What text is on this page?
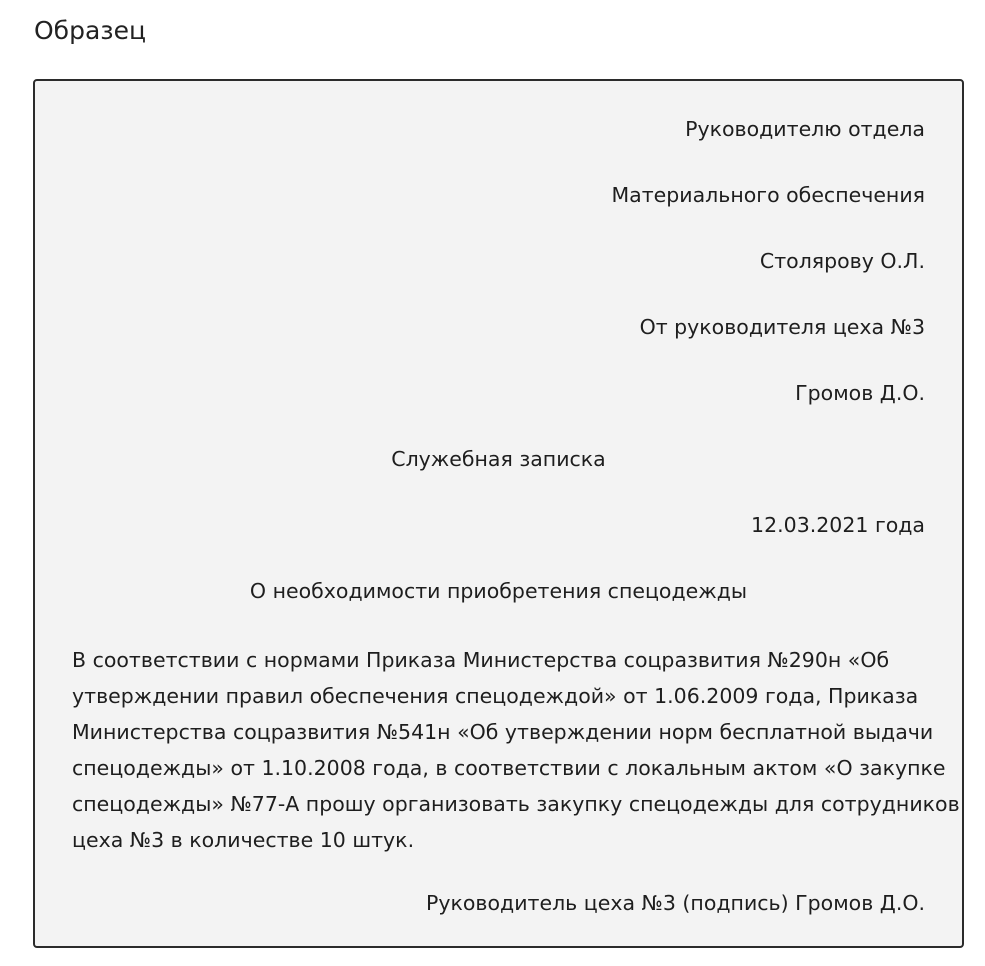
Образец
Руководителю отдела
Материального обеспечения
Столярову О.Л.
От руководителя цеха №3
Громов Д.О.
Служебная записка
12.03.2021 года
О необходимости приобретения спецодежды
В соответствии с нормами Приказа Министерства соцразвития №290н «Об
утверждении правил обеспечения спецодеждой» от 1.06.2009 года, Приказа
Министерства соцразвития №541н «Об утверждении норм бесплатной выдачи
спецодежды» от 1.10.2008 года, в соответствии с локальным актом «О закупке
спецодежды» №77-А прошу организовать закупку спецодежды для сотрудников
цеха №3 в количестве 10 штук.
Руководитель цеха №3 (подпись) Громов Д.О.
